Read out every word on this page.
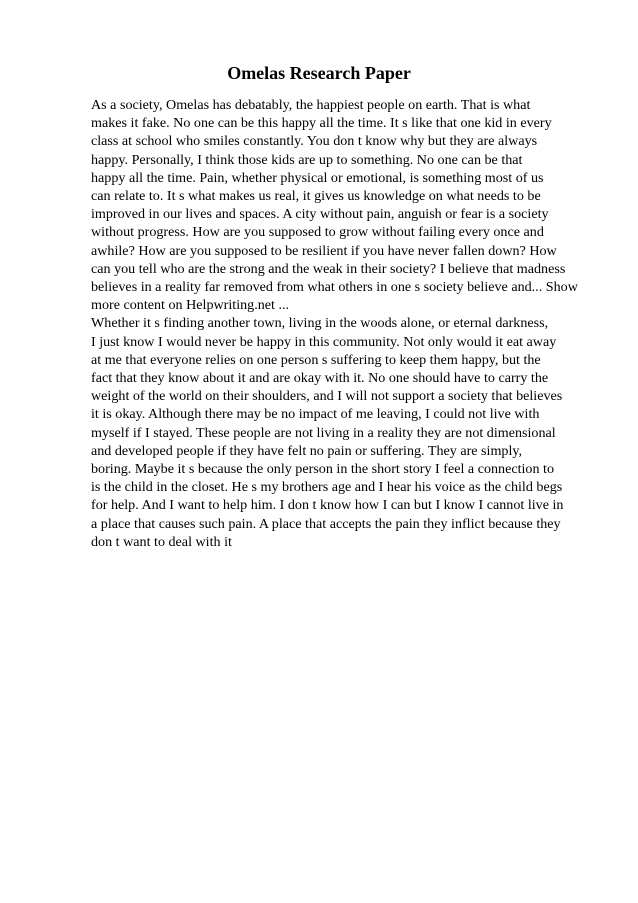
Omelas Research Paper
As a society, Omelas has debatably, the happiest people on earth. That is what
makes it fake. No one can be this happy all the time. It s like that one kid in every
class at school who smiles constantly. You don t know why but they are always
happy. Personally, I think those kids are up to something. No one can be that
happy all the time. Pain, whether physical or emotional, is something most of us
can relate to. It s what makes us real, it gives us knowledge on what needs to be
improved in our lives and spaces. A city without pain, anguish or fear is a society
without progress. How are you supposed to grow without failing every once and
awhile? How are you supposed to be resilient if you have never fallen down? How
can you tell who are the strong and the weak in their society? I believe that madness
believes in a reality far removed from what others in one s society believe and... Show
more content on Helpwriting.net ...
Whether it s finding another town, living in the woods alone, or eternal darkness,
I just know I would never be happy in this community. Not only would it eat away
at me that everyone relies on one person s suffering to keep them happy, but the
fact that they know about it and are okay with it. No one should have to carry the
weight of the world on their shoulders, and I will not support a society that believes
it is okay. Although there may be no impact of me leaving, I could not live with
myself if I stayed. These people are not living in a reality they are not dimensional
and developed people if they have felt no pain or suffering. They are simply,
boring. Maybe it s because the only person in the short story I feel a connection to
is the child in the closet. He s my brothers age and I hear his voice as the child begs
for help. And I want to help him. I don t know how I can but I know I cannot live in
a place that causes such pain. A place that accepts the pain they inflict because they
don t want to deal with it
